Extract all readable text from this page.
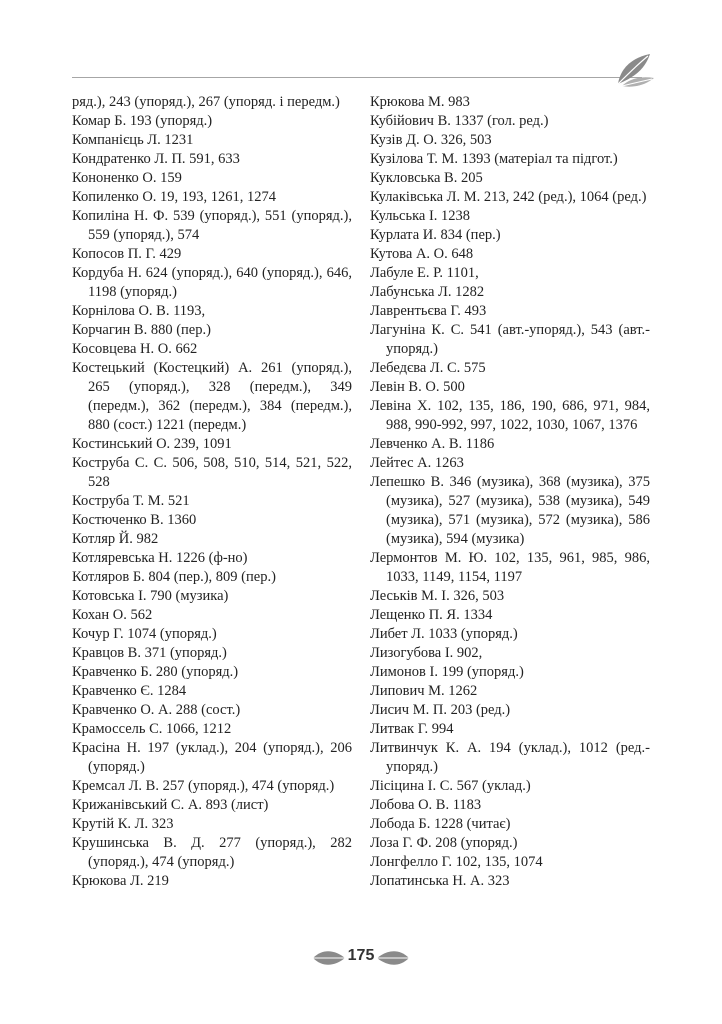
ряд.), 243 (упоряд.), 267 (упоряд. і передм.)

Комар Б. 193 (упоряд.)

Компанієць Л. 1231

Кондратенко Л. П. 591, 633

Кононенко О. 159

Копиленко О. 19, 193, 1261, 1274

Копиліна Н. Ф. 539 (упоряд.), 551 (упоряд.), 559 (упоряд.), 574

Копосов П. Г. 429

Кордуба Н. 624 (упоряд.), 640 (упоряд.), 646, 1198 (упоряд.)

Корнілова О. В. 1193,

Корчагин В. 880 (пер.)

Косовцева Н. О. 662

Костецький (Костецкий) А. 261 (упоряд.), 265 (упоряд.), 328 (передм.), 349 (передм.), 362 (передм.), 384 (передм.), 880 (сост.) 1221 (передм.)

Костинський О. 239, 1091

Коструба С. С. 506, 508, 510, 514, 521, 522, 528

Коструба Т. М. 521

Костюченко В. 1360

Котляр Й. 982

Котляревська Н. 1226 (ф-но)

Котляров Б. 804 (пер.), 809 (пер.)

Котовська І. 790 (музика)

Кохан О. 562

Кочур Г. 1074 (упоряд.)

Кравцов В. 371 (упоряд.)

Кравченко Б. 280 (упоряд.)

Кравченко Є. 1284

Кравченко О. А. 288 (сост.)

Крамоссель С. 1066, 1212

Красіна Н. 197 (уклад.), 204 (упоряд.), 206 (упоряд.)

Кремсал Л. В. 257 (упоряд.), 474 (упоряд.)

Крижанівський С. А. 893 (лист)

Крутій К. Л. 323

Крушинська В. Д. 277 (упоряд.), 282 (упоряд.), 474 (упоряд.)

Крюкова Л. 219

Крюкова М. 983

Кубійович В. 1337 (гол. ред.)

Кузів Д. О. 326, 503

Кузілова Т. М. 1393 (матеріал та підгот.)

Кукловська В. 205

Кулаківська Л. М. 213, 242 (ред.), 1064 (ред.)

Кульська І. 1238

Курлата И. 834 (пер.)

Кутова А. О. 648

Лабуле Е. Р. 1101,

Лабунська Л. 1282

Лаврентьєва Г. 493

Лагуніна К. С. 541 (авт.-упоряд.), 543 (авт.-упоряд.)

Лебедєва Л. С. 575

Левін В. О. 500

Левіна Х. 102, 135, 186, 190, 686, 971, 984, 988, 990-992, 997, 1022, 1030, 1067, 1376

Левченко А. В. 1186

Лейтес А. 1263

Лепешко В. 346 (музика), 368 (музика), 375 (музика), 527 (музика), 538 (музика), 549 (музика), 571 (музика), 572 (музика), 586 (музика), 594 (музика)

Лермонтов М. Ю. 102, 135, 961, 985, 986, 1033, 1149, 1154, 1197

Леськів М. І. 326, 503

Лещенко П. Я. 1334

Либет Л. 1033 (упоряд.)

Лизогубова І. 902,

Лимонов І. 199 (упоряд.)

Липович М. 1262

Лисич М. П. 203 (ред.)

Литвак Г. 994

Литвинчук К. А. 194 (уклад.), 1012 (ред.-упоряд.)

Лісіцина І. С. 567 (уклад.)

Лобова О. В. 1183

Лобода Б. 1228 (читає)

Лоза Г. Ф. 208 (упоряд.)

Лонгфелло Г. 102, 135, 1074

Лопатинська Н. А. 323

175
